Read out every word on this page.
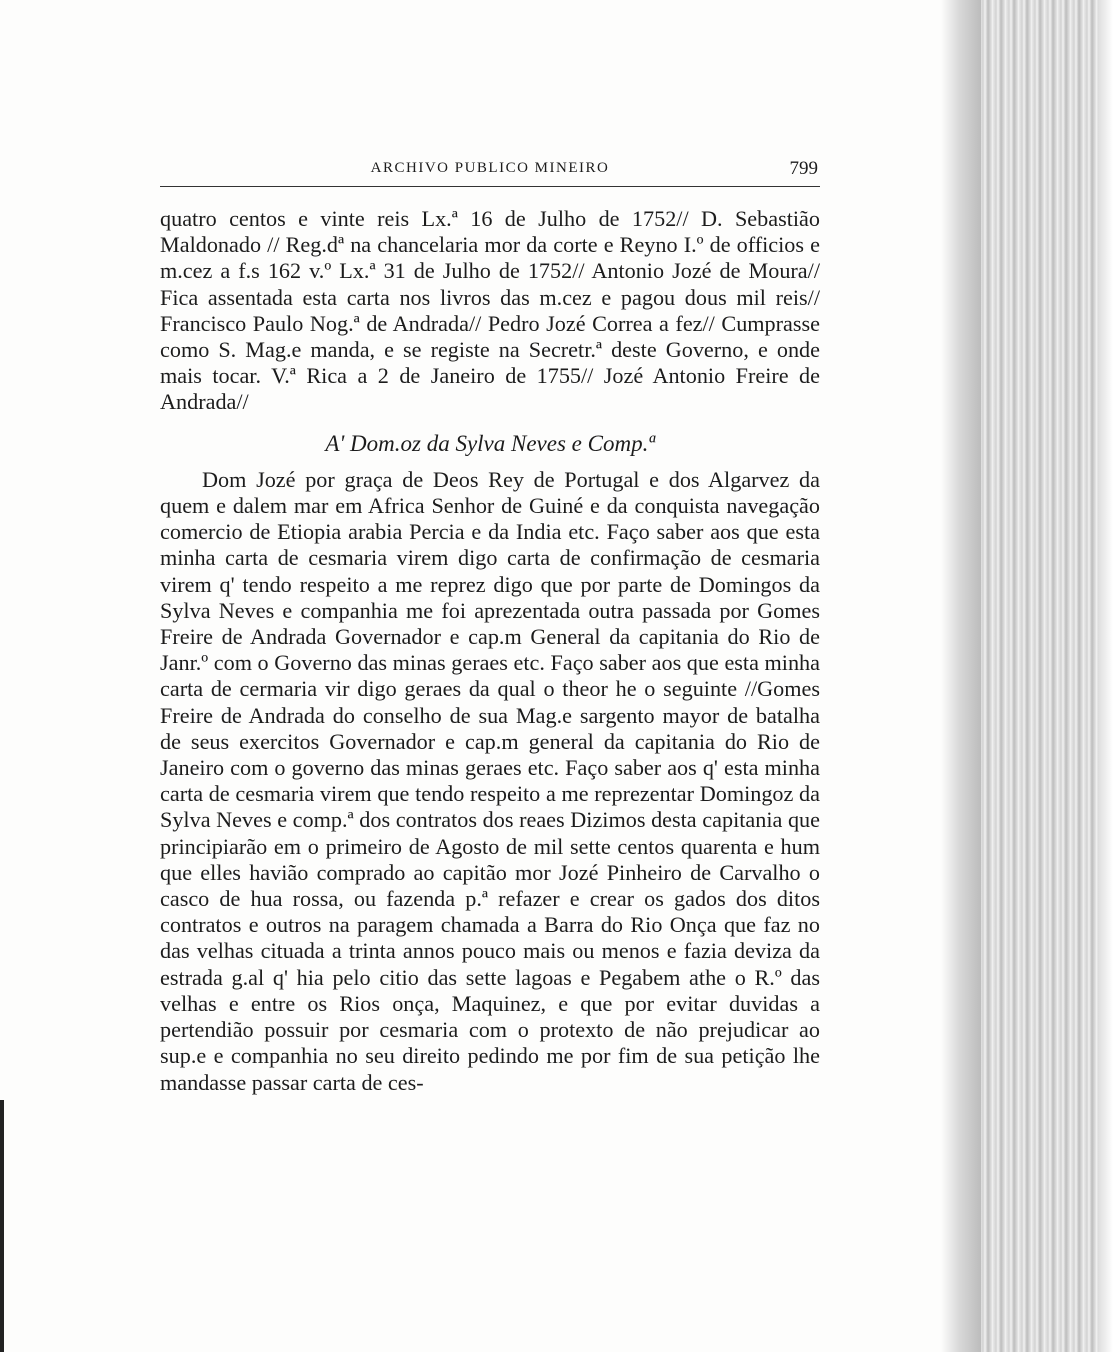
ARCHIVO PUBLICO MINEIRO	799

quatro centos e vinte reis Lx.ª 16 de Julho de 1752// D. Sebastião Maldonado // Reg.dª na chancelaria mor da corte e Reyno I.º de officios e m.cez a f.s 162 v.º Lx.ª 31 de Julho de 1752// Antonio Jozé de Moura// Fica assentada esta carta nos livros das m.cez e pagou dous mil reis// Francisco Paulo Nog.ª de Andrada// Pedro Jozé Correa a fez// Cumprasse como S. Mag.e manda, e se registe na Secretr.ª deste Governo, e onde mais tocar. V.ª Rica a 2 de Janeiro de 1755// Jozé Antonio Freire de Andrada//

A' Dom.oz da Sylva Neves e Comp.ª

Dom Jozé por graça de Deos Rey de Portugal e dos Algarvez da quem e dalem mar em Africa Senhor de Guiné e da conquista navegação comercio de Etiopia arabia Percia e da India etc. Faço saber aos que esta minha carta de cesmaria virem digo carta de confirmação de cesmaria virem q' tendo respeito a me reprez digo que por parte de Domingos da Sylva Neves e companhia me foi aprezentada outra passada por Gomes Freire de Andrada Governador e cap.m General da capitania do Rio de Janr.º com o Governo das minas geraes etc. Faço saber aos que esta minha carta de cermaria vir digo geraes da qual o theor he o seguinte //Gomes Freire de Andrada do conselho de sua Mag.e sargento mayor de batalha de seus exercitos Governador e cap.m general da capitania do Rio de Janeiro com o governo das minas geraes etc. Faço saber aos q' esta minha carta de cesmaria virem que tendo respeito a me reprezentar Domingoz da Sylva Neves e comp.ª dos contratos dos reaes Dizimos desta capitania que principiarão em o primeiro de Agosto de mil sette centos quarenta e hum que elles havião comprado ao capitão mor Jozé Pinheiro de Carvalho o casco de hua rossa, ou fazenda p.ª refazer e crear os gados dos ditos contratos e outros na paragem chamada a Barra do Rio Onça que faz no das velhas cituada a trinta annos pouco mais ou menos e fazia deviza da estrada g.al q' hia pelo citio das sette lagoas e Pegabem athe o R.º das velhas e entre os Rios onça, Maquinez, e que por evitar duvidas a pertendião possuir por cesmaria com o protexto de não prejudicar ao sup.e e companhia no seu direito pedindo me por fim de sua petição lhe mandasse passar carta de ces-
